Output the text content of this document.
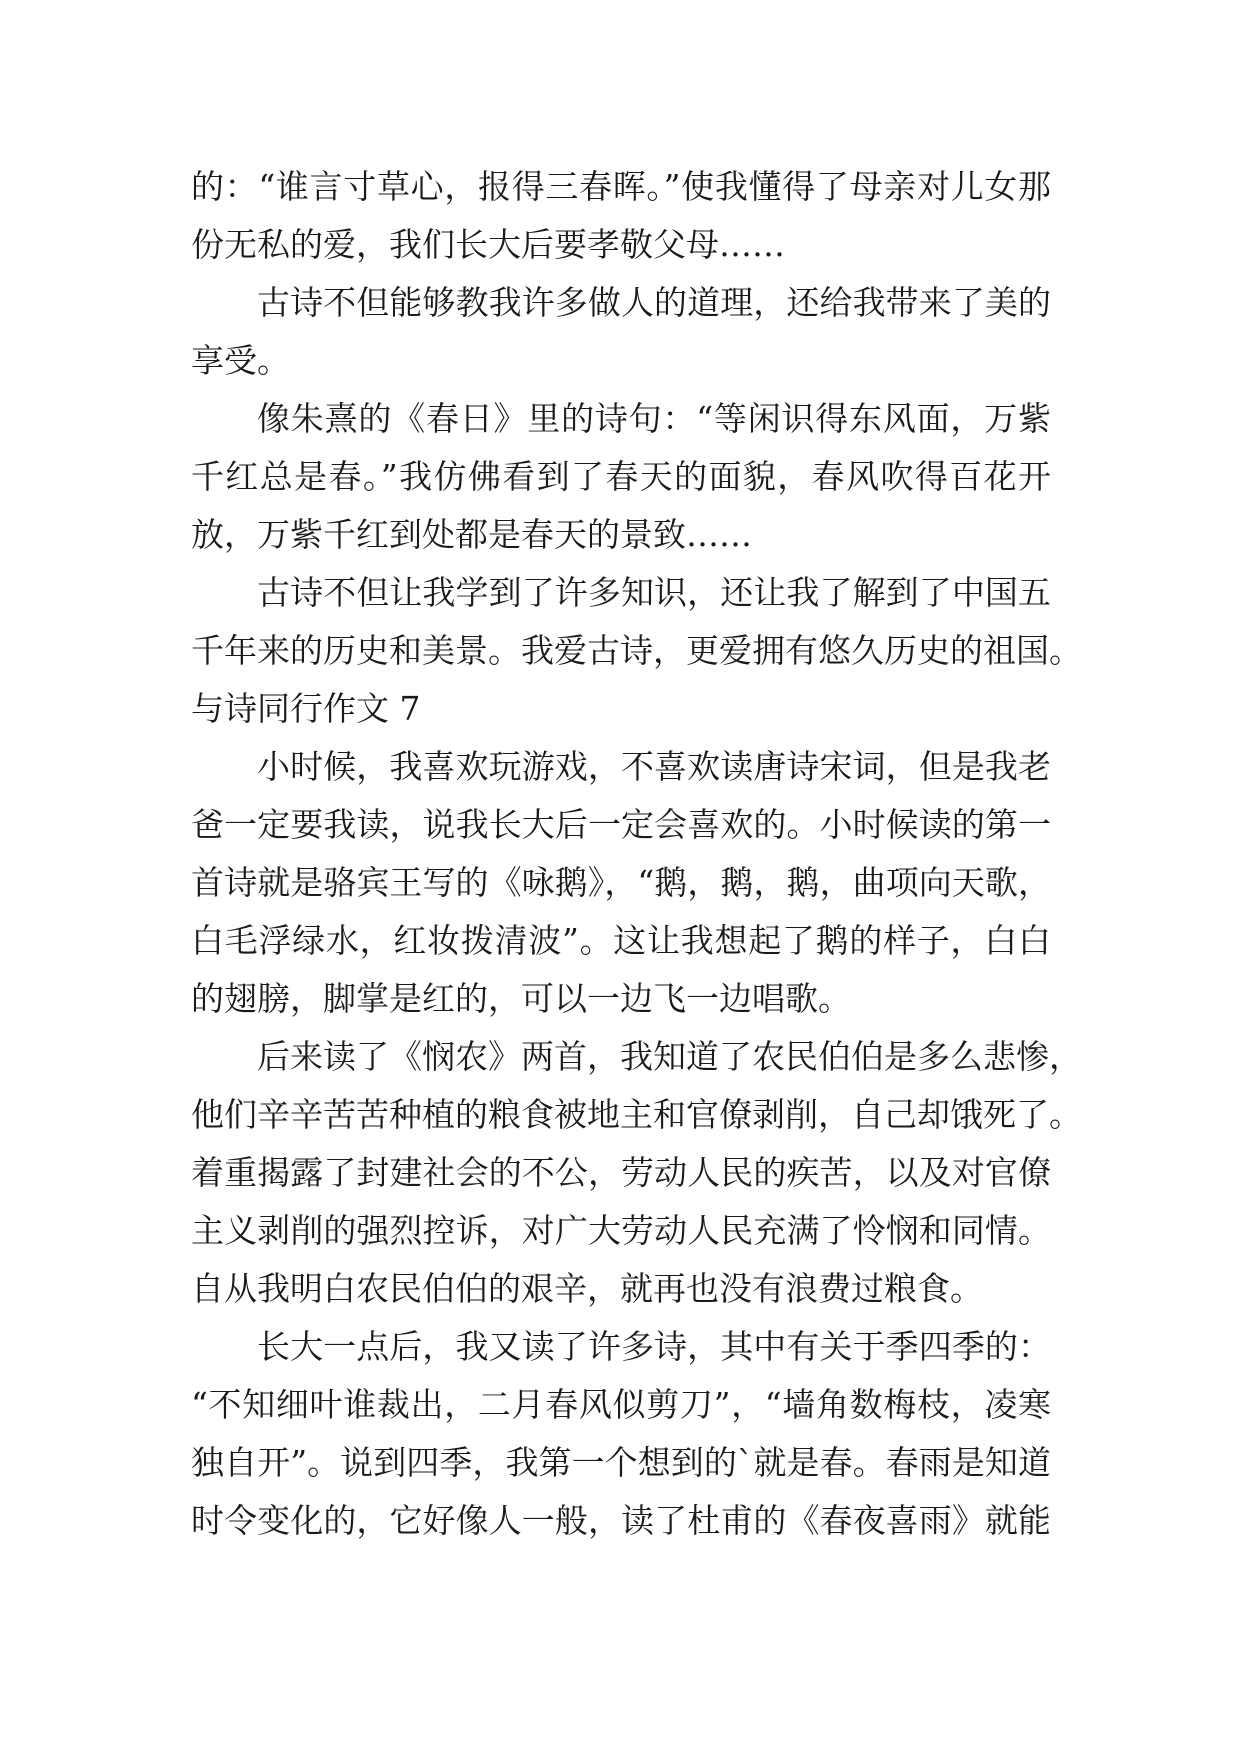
的：“谁言寸草心，报得三春晖。”使我懂得了母亲对儿女那
份无私的爱，我们长大后要孝敬父母……
古诗不但能够教我许多做人的道理，还给我带来了美的
享受。
像朱熹的《春日》里的诗句：“等闲识得东风面，万紫
千红总是春。”我仿佛看到了春天的面貌，春风吹得百花开
放，万紫千红到处都是春天的景致……
古诗不但让我学到了许多知识，还让我了解到了中国五
千年来的历史和美景。我爱古诗，更爱拥有悠久历史的祖国。
与诗同行作文 7
小时候，我喜欢玩游戏，不喜欢读唐诗宋词，但是我老
爸一定要我读，说我长大后一定会喜欢的。小时候读的第一
首诗就是骆宾王写的《咏鹅》，“鹅，鹅，鹅，曲项向天歌，
白毛浮绿水，红妆拨清波”。这让我想起了鹅的样子，白白
的翅膀，脚掌是红的，可以一边飞一边唱歌。
后来读了《悯农》两首，我知道了农民伯伯是多么悲惨，
他们辛辛苦苦种植的粮食被地主和官僚剥削，自己却饿死了。
着重揭露了封建社会的不公，劳动人民的疾苦，以及对官僚
主义剥削的强烈控诉，对广大劳动人民充满了怜悯和同情。
自从我明白农民伯伯的艰辛，就再也没有浪费过粮食。
长大一点后，我又读了许多诗，其中有关于季四季的：
“不知细叶谁裁出，二月春风似剪刀”，“墙角数梅枝，凌寒
独自开”。说到四季，我第一个想到的`就是春。春雨是知道
时令变化的，它好像人一般，读了杜甫的《春夜喜雨》就能
